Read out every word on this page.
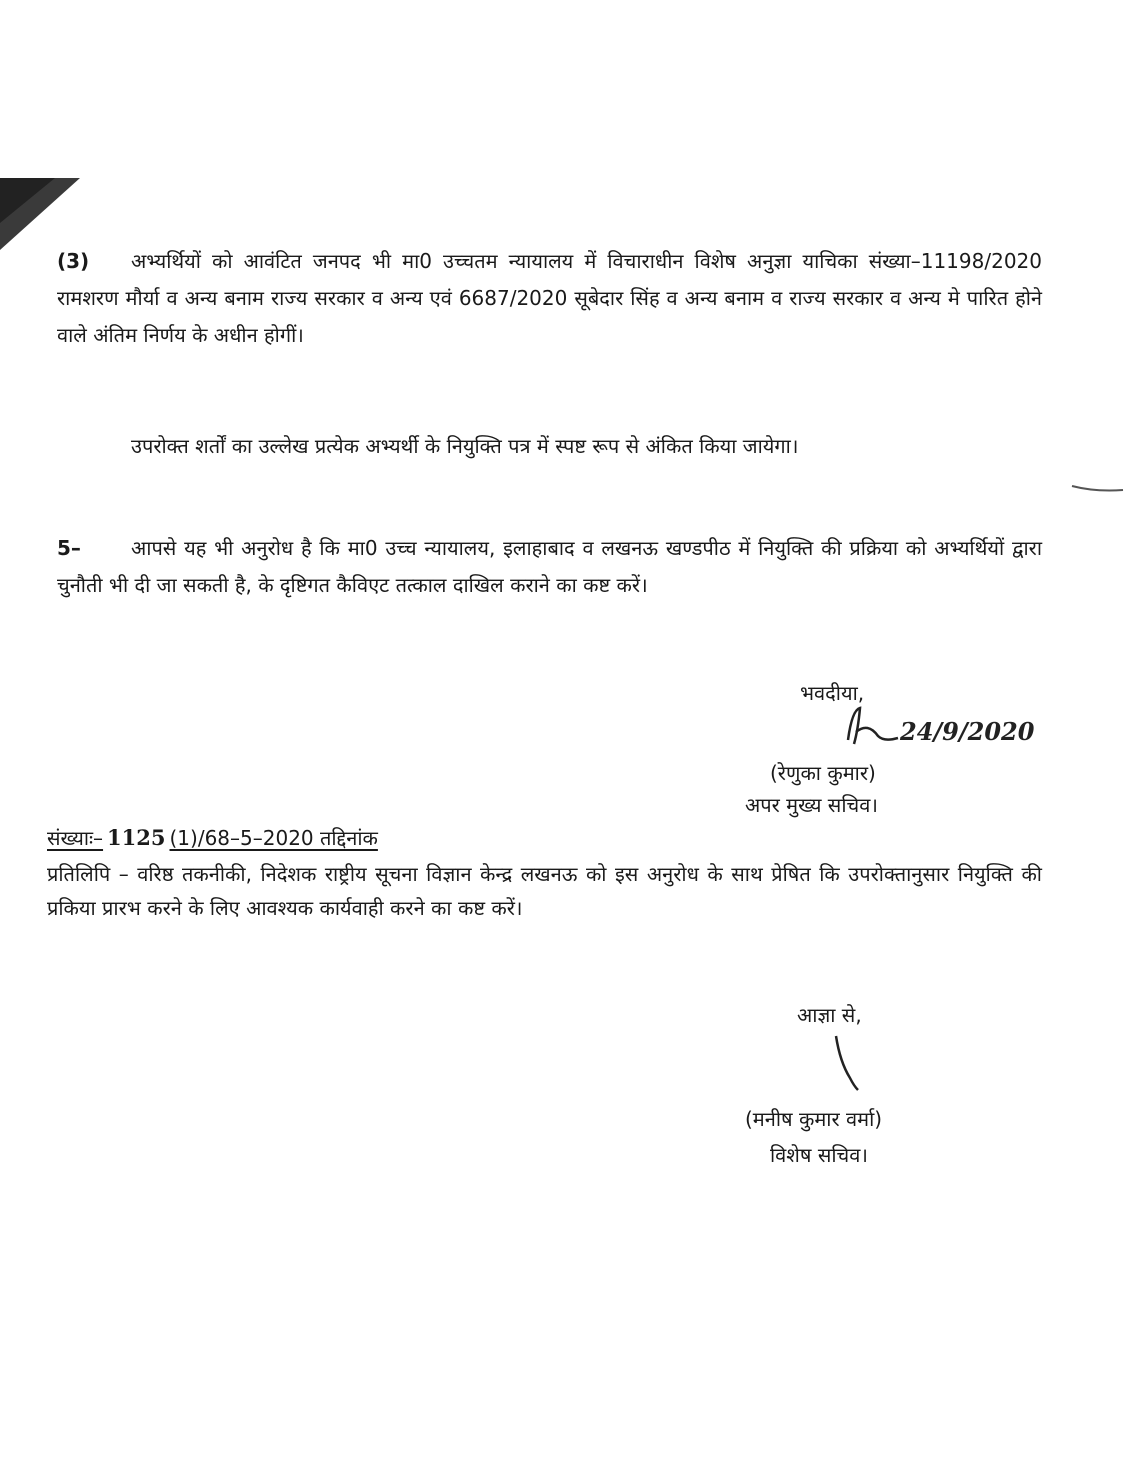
(3) अभ्यर्थियों को आवंटित जनपद भी मा0 उच्चतम न्यायालय में विचाराधीन विशेष अनुज्ञा याचिका संख्या–11198/2020 रामशरण मौर्या व अन्य बनाम राज्य सरकार व अन्य एवं 6687/2020 सूबेदार सिंह व अन्य बनाम व राज्य सरकार व अन्य मे पारित होने वाले अंतिम निर्णय के अधीन होगीं।

उपरोक्त शर्तों का उल्लेख प्रत्येक अभ्यर्थी के नियुक्ति पत्र में स्पष्ट रूप से अंकित किया जायेगा।

5–	आपसे यह भी अनुरोध है कि मा0 उच्च न्यायालय, इलाहाबाद व लखनऊ खण्डपीठ में नियुक्ति की प्रक्रिया को अभ्यर्थियों द्वारा चुनौती भी दी जा सकती है, के दृष्टिगत कैविएट तत्काल दाखिल कराने का कष्ट करें।

भवदीया,
24/9/2020
(रेणुका कुमार)
अपर मुख्य सचिव।
संख्याः– 1125 (1)/68–5–2020 तद्दिनांक

प्रतिलिपि – वरिष्ठ तकनीकी, निदेशक राष्ट्रीय सूचना विज्ञान केन्द्र लखनऊ को इस अनुरोध के साथ प्रेषित कि उपरोक्तानुसार नियुक्ति की प्रकिया प्रारभ करने के लिए आवश्यक कार्यवाही करने का कष्ट करें।

आज्ञा से,
(मनीष कुमार वर्मा)
विशेष सचिव।
